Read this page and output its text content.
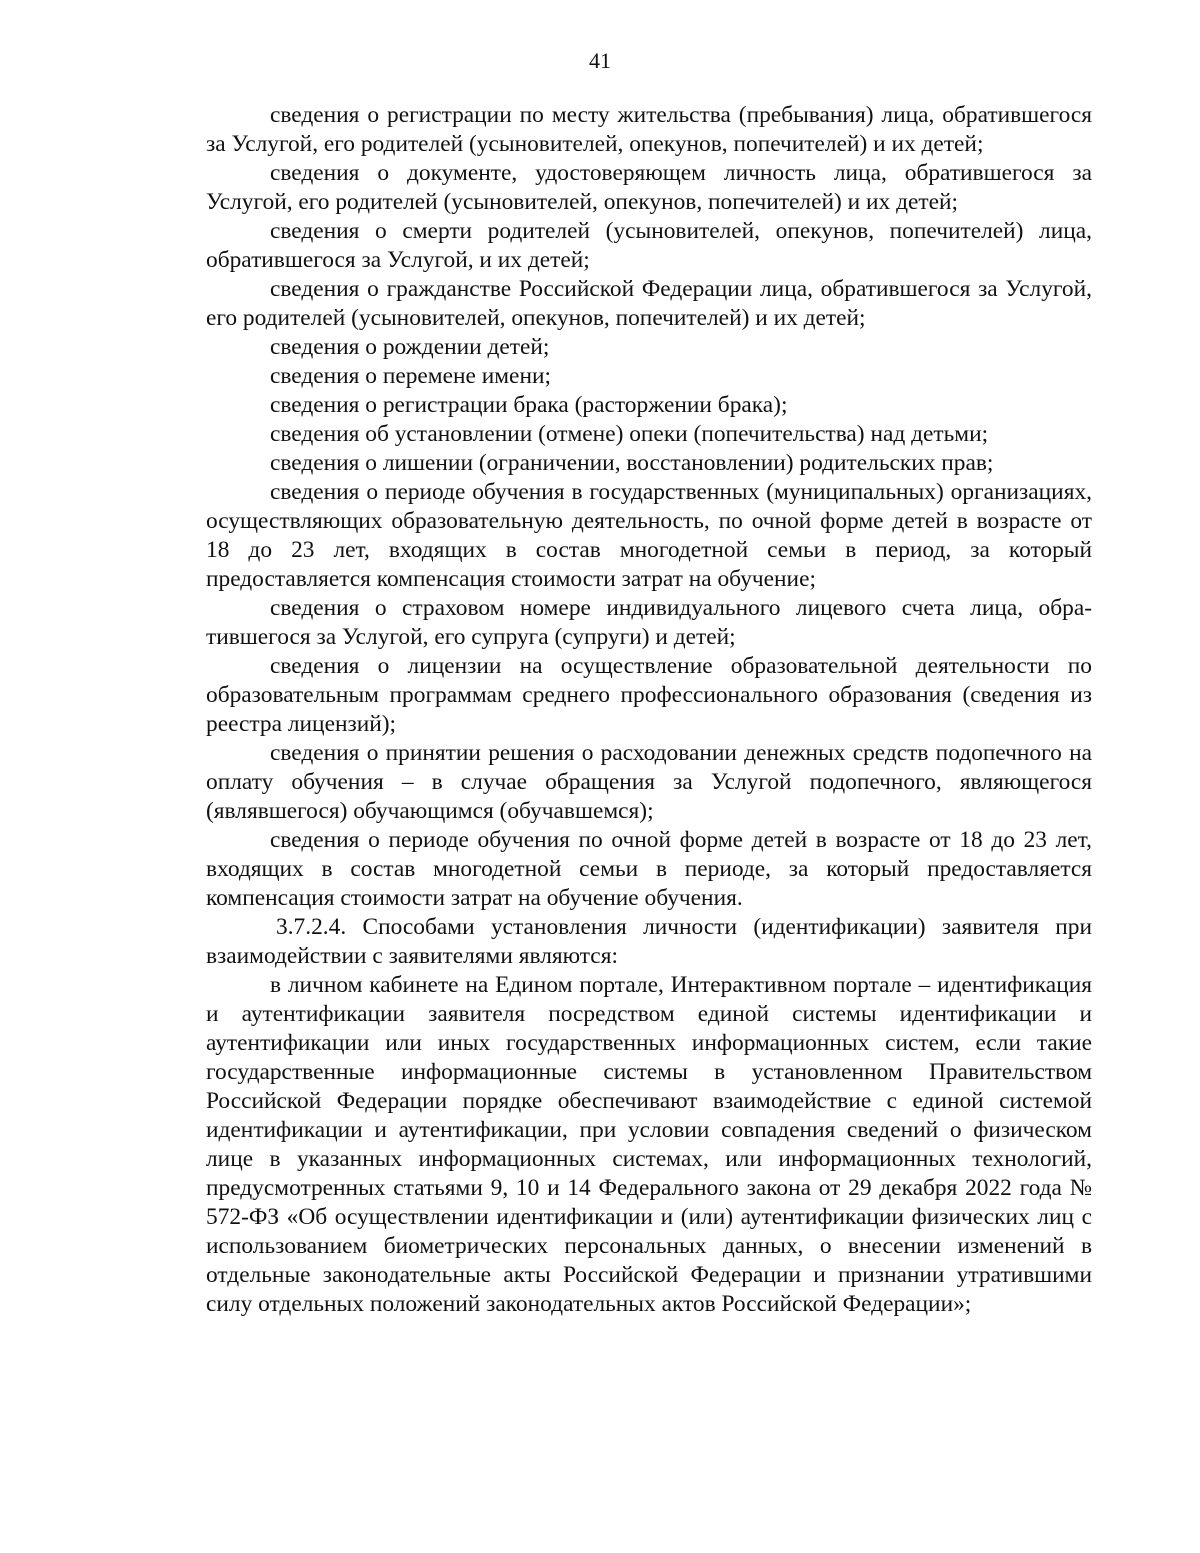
41

сведения о регистрации по месту жительства (пребывания) лица, обратившегося за Услугой, его родителей (усыновителей, опекунов, попечителей) и их детей;

сведения о документе, удостоверяющем личность лица, обратившегося за Услугой, его родителей (усыновителей, опекунов, попечителей) и их детей;

сведения о смерти родителей (усыновителей, опекунов, попечителей) лица, обратившегося за Услугой, и их детей;

сведения о гражданстве Российской Федерации лица, обратившегося за Услугой, его родителей (усыновителей, опекунов, попечителей) и их детей;

сведения о рождении детей;

сведения о перемене имени;

сведения о регистрации брака (расторжении брака);

сведения об установлении (отмене) опеки (попечительства) над детьми;

сведения о лишении (ограничении, восстановлении) родительских прав;

сведения о периоде обучения в государственных (муниципальных) организациях, осуществляющих образовательную деятельность, по очной форме детей в возрасте от 18 до 23 лет, входящих в состав многодетной семьи в период, за который предоставляется компенсация стоимости затрат на обучение;

сведения о страховом номере индивидуального лицевого счета лица, обратившегося за Услугой, его супруга (супруги) и детей;

сведения о лицензии на осуществление образовательной деятельности по образовательным программам среднего профессионального образования (сведения из реестра лицензий);

сведения о принятии решения о расходовании денежных средств подопечного на оплату обучения – в случае обращения за Услугой подопечного, являющегося (являвшегося) обучающимся (обучавшемся);

сведения о периоде обучения по очной форме детей в возрасте от 18 до 23 лет, входящих в состав многодетной семьи в периоде, за который предоставляется компенсация стоимости затрат на обучение обучения.

3.7.2.4. Способами установления личности (идентификации) заявителя при взаимодействии с заявителями являются:

в личном кабинете на Едином портале, Интерактивном портале – идентификация и аутентификации заявителя посредством единой системы идентификации и аутентификации или иных государственных информационных систем, если такие государственные информационные системы в установленном Правительством Российской Федерации порядке обеспечивают взаимодействие с единой системой идентификации и аутентификации, при условии совпадения сведений о физическом лице в указанных информационных системах, или информационных технологий, предусмотренных статьями 9, 10 и 14 Федерального закона от 29 декабря 2022 года № 572-ФЗ «Об осуществлении идентификации и (или) аутентификации физических лиц с использованием биометрических персональных данных, о внесении изменений в отдельные законодательные акты Российской Федерации и признании утратившими силу отдельных положений законодательных актов Российской Федерации»;
